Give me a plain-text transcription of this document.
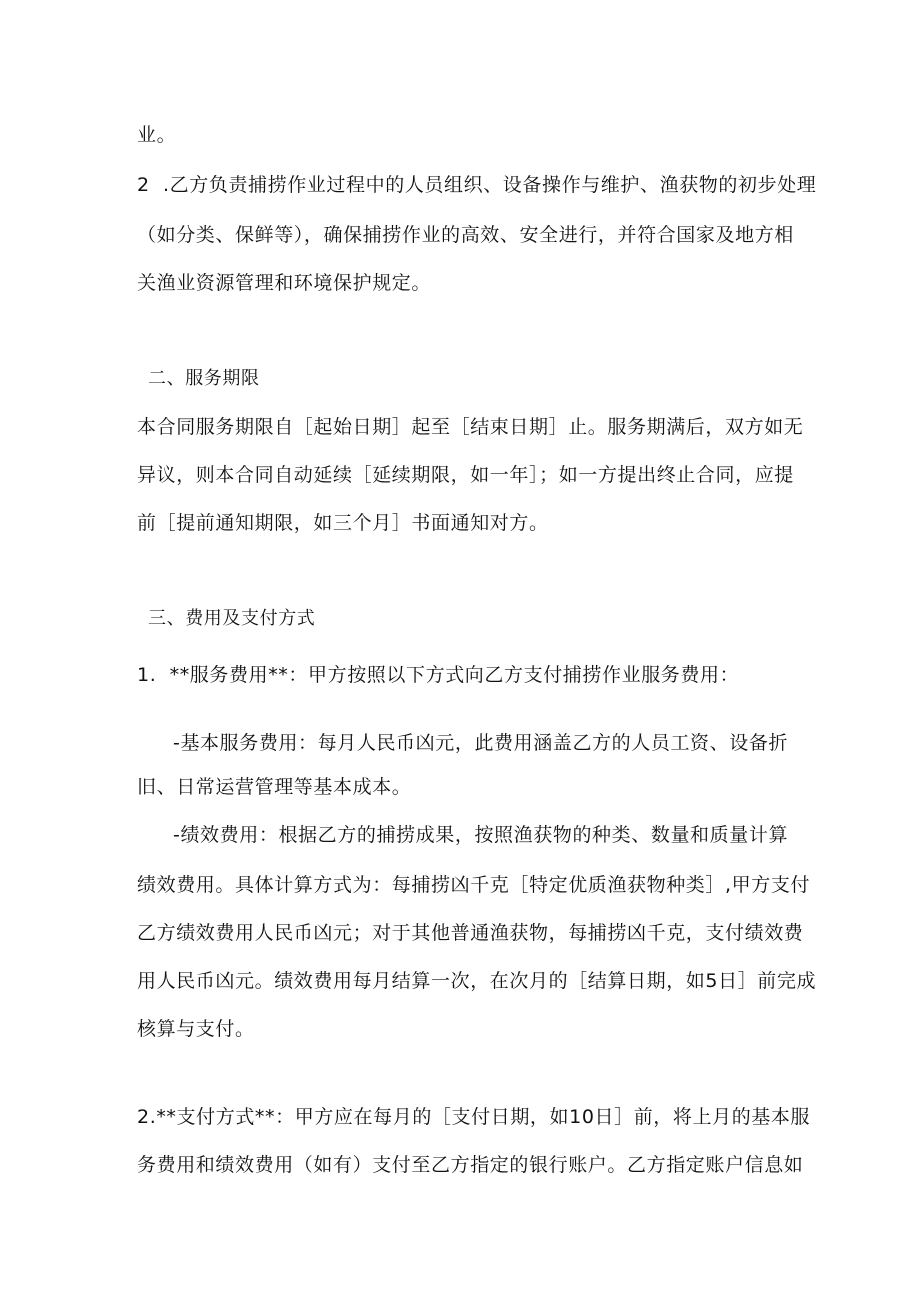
业。
2  .乙方负责捕捞作业过程中的人员组织、设备操作与维护、渔获物的初步处理
（如分类、保鲜等），确保捕捞作业的高效、安全进行，并符合国家及地方相
关渔业资源管理和环境保护规定。
二、服务期限
本合同服务期限自［起始日期］起至［结束日期］止。服务期满后，双方如无
异议，则本合同自动延续［延续期限，如一年］；如一方提出终止合同，应提
前［提前通知期限，如三个月］书面通知对方。
三、费用及支付方式
1.  **服务费用**：甲方按照以下方式向乙方支付捕捞作业服务费用：
-基本服务费用：每月人民币凶元，此费用涵盖乙方的人员工资、设备折
旧、日常运营管理等基本成本。
-绩效费用：根据乙方的捕捞成果，按照渔获物的种类、数量和质量计算
绩效费用。具体计算方式为：每捕捞凶千克［特定优质渔获物种类］,甲方支付
乙方绩效费用人民币凶元；对于其他普通渔获物，每捕捞凶千克，支付绩效费
用人民币凶元。绩效费用每月结算一次，在次月的［结算日期，如5日］前完成
核算与支付。
2.**支付方式**：甲方应在每月的［支付日期，如10日］前，将上月的基本服
务费用和绩效费用（如有）支付至乙方指定的银行账户。乙方指定账户信息如
